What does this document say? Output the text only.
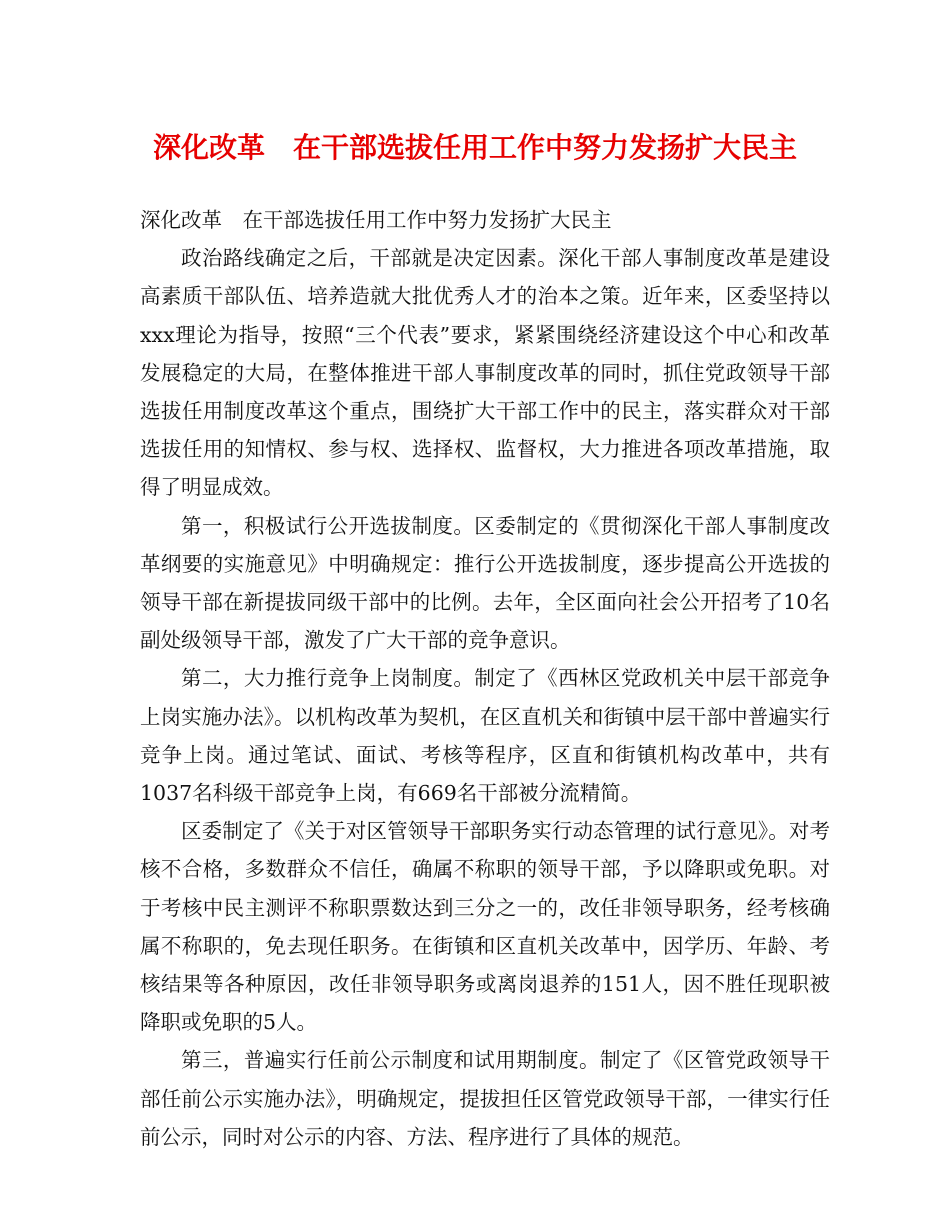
深化改革　在干部选拔任用工作中努力发扬扩大民主

深化改革　在干部选拔任用工作中努力发扬扩大民主

政治路线确定之后，干部就是决定因素。深化干部人事制度改革是建设高素质干部队伍、培养造就大批优秀人才的治本之策。近年来，区委坚持以xxx理论为指导，按照“三个代表”要求，紧紧围绕经济建设这个中心和改革发展稳定的大局，在整体推进干部人事制度改革的同时，抓住党政领导干部选拔任用制度改革这个重点，围绕扩大干部工作中的民主，落实群众对干部选拔任用的知情权、参与权、选择权、监督权，大力推进各项改革措施，取得了明显成效。

第一，积极试行公开选拔制度。区委制定的《贯彻深化干部人事制度改革纲要的实施意见》中明确规定：推行公开选拔制度，逐步提高公开选拔的领导干部在新提拔同级干部中的比例。去年，全区面向社会公开招考了10名副处级领导干部，激发了广大干部的竞争意识。

第二，大力推行竞争上岗制度。制定了《西林区党政机关中层干部竞争上岗实施办法》。以机构改革为契机，在区直机关和街镇中层干部中普遍实行竞争上岗。通过笔试、面试、考核等程序，区直和街镇机构改革中，共有1037名科级干部竞争上岗，有669名干部被分流精简。

区委制定了《关于对区管领导干部职务实行动态管理的试行意见》。对考核不合格，多数群众不信任，确属不称职的领导干部，予以降职或免职。对于考核中民主测评不称职票数达到三分之一的，改任非领导职务，经考核确属不称职的，免去现任职务。在街镇和区直机关改革中，因学历、年龄、考核结果等各种原因，改任非领导职务或离岗退养的151人，因不胜任现职被降职或免职的5人。

第三，普遍实行任前公示制度和试用期制度。制定了《区管党政领导干部任前公示实施办法》，明确规定，提拔担任区管党政领导干部，一律实行任前公示，同时对公示的内容、方法、程序进行了具体的规范。
